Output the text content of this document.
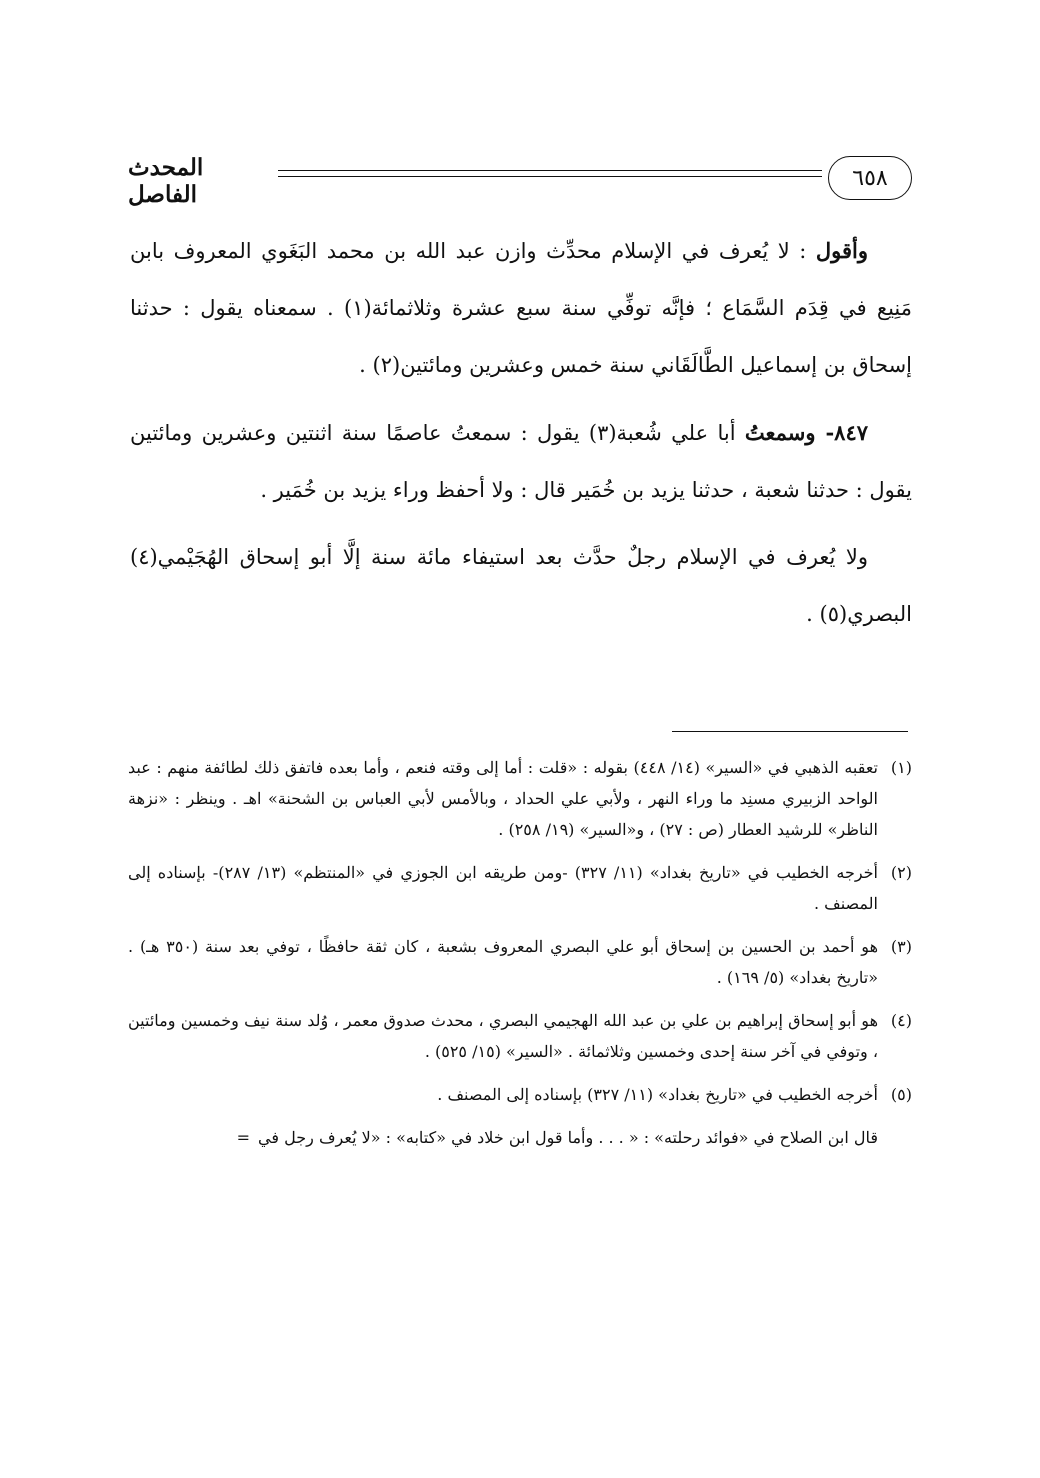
المحدث الفاصل
٦٥٨

وأقول : لا يُعرف في الإسلام محدِّث وازن عبد الله بن محمد البَغَوي المعروف بابن مَنِيع في قِدَم السَّمَاع ؛ فإنَّه توفِّي سنة سبع عشرة وثلاثمائة(١) . سمعناه يقول : حدثنا إسحاق بن إسماعيل الطَّالَقَاني سنة خمس وعشرين ومائتين(٢) .

٨٤٧- وسمعتُ أبا علي شُعبة(٣) يقول : سمعتُ عاصمًا سنة اثنتين وعشرين ومائتين يقول : حدثنا شعبة ، حدثنا يزيد بن خُمَير قال : ولا أحفظ وراء يزيد بن خُمَير .

ولا يُعرف في الإسلام رجلٌ حدَّث بعد استيفاء مائة سنة إلَّا أبو إسحاق الهُجَيْمي(٤) البصري(٥) .

(١)تعقبه الذهبي في «السير» (١٤/ ٤٤٨) بقوله : «قلت : أما إلى وقته فنعم ، وأما بعده فاتفق ذلك لطائفة منهم : عبد الواحد الزبيري مسنِد ما وراء النهر ، ولأبي علي الحداد ، وبالأمس لأبي العباس بن الشحنة» اهـ . وينظر : «نزهة الناظر» للرشيد العطار (ص : ٢٧) ، و«السير» (١٩/ ٢٥٨) .

(٢)أخرجه الخطيب في «تاريخ بغداد» (١١/ ٣٢٧) -ومن طريقه ابن الجوزي في «المنتظم» (١٣/ ٢٨٧)- بإسناده إلى المصنف .

(٣)هو أحمد بن الحسين بن إسحاق أبو علي البصري المعروف بشعبة ، كان ثقة حافظًا ، توفي بعد سنة (٣٥٠ هـ) . «تاريخ بغداد» (٥/ ١٦٩) .

(٤)هو أبو إسحاق إبراهيم بن علي بن عبد الله الهجيمي البصري ، محدث صدوق معمر ، وُلد سنة نيف وخمسين ومائتين ، وتوفي في آخر سنة إحدى وخمسين وثلاثمائة . «السير» (١٥/ ٥٢٥) .

(٥)أخرجه الخطيب في «تاريخ بغداد» (١١/ ٣٢٧) بإسناده إلى المصنف .

قال ابن الصلاح في «فوائد رحلته» : « . . . وأما قول ابن خلاد في «كتابه» : «لا يُعرف رجل في=
